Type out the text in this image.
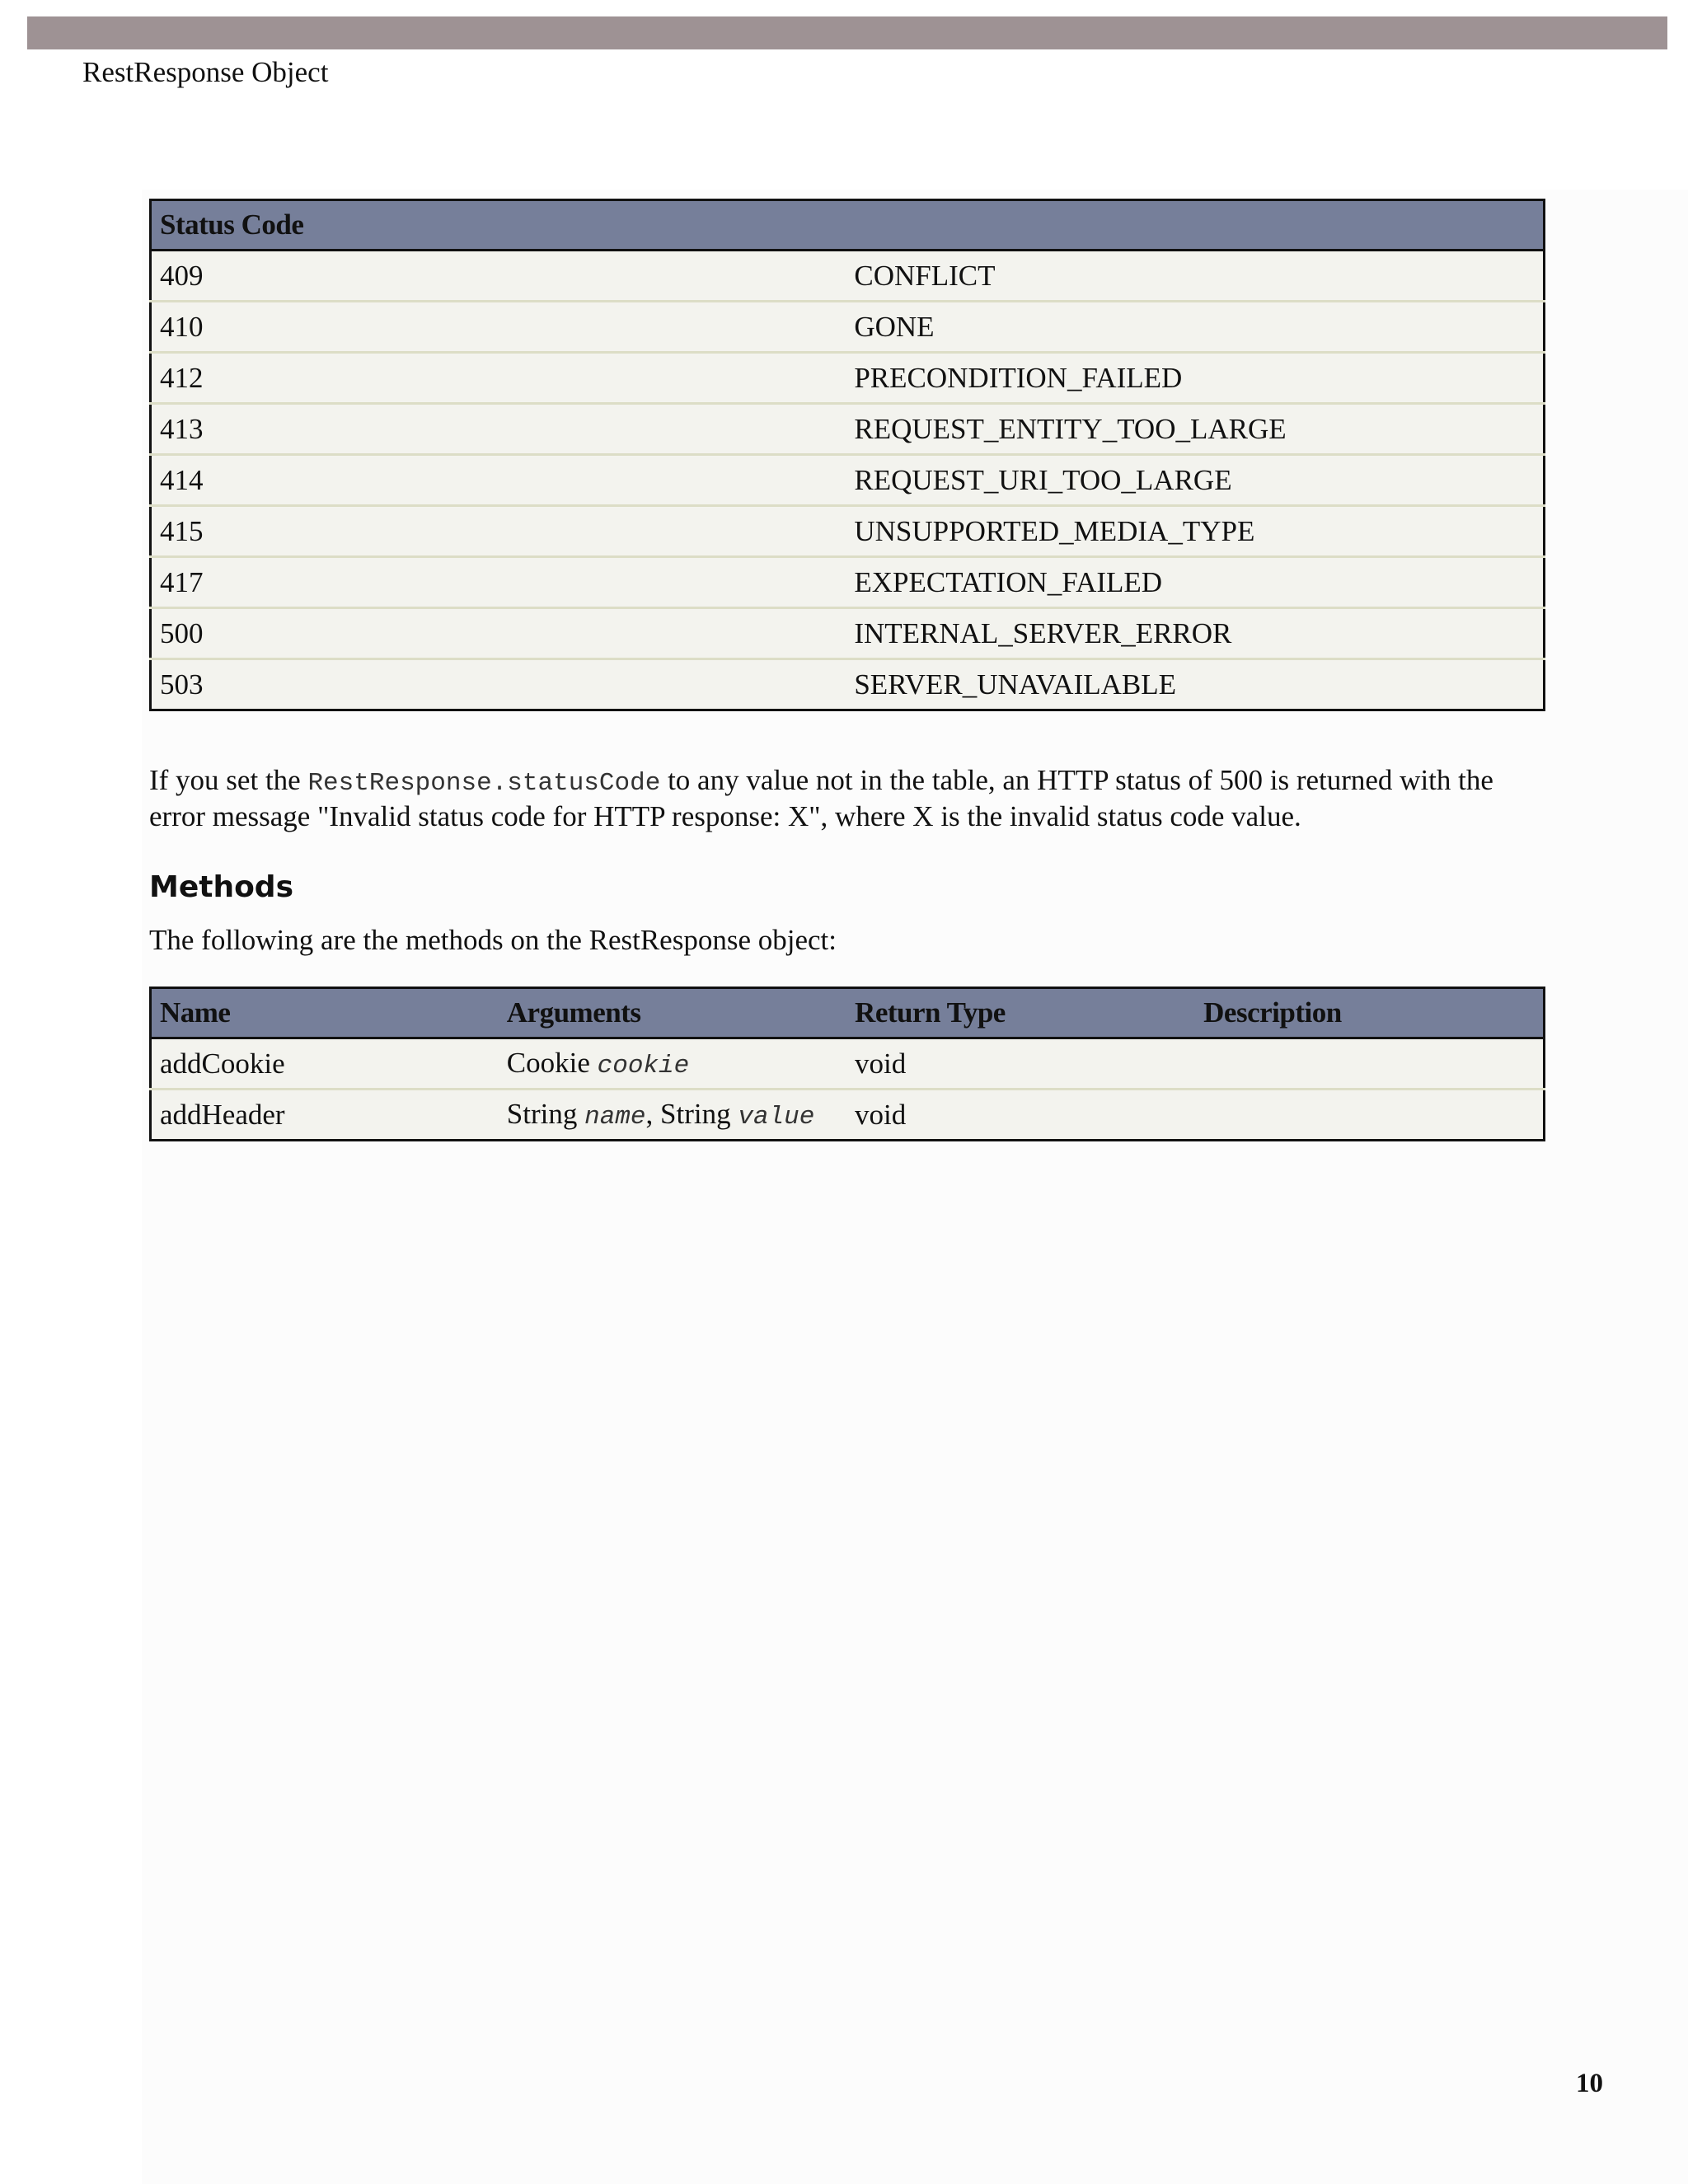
RestResponse Object
Status Code	
409	CONFLICT
410	GONE
412	PRECONDITION_FAILED
413	REQUEST_ENTITY_TOO_LARGE
414	REQUEST_URI_TOO_LARGE
415	UNSUPPORTED_MEDIA_TYPE
417	EXPECTATION_FAILED
500	INTERNAL_SERVER_ERROR
503	SERVER_UNAVAILABLE

If you set the RestResponse.statusCode to any value not in the table, an HTTP status of 500 is returned with the error message "Invalid status code for HTTP response: X", where X is the invalid status code value.

Methods

The following are the methods on the RestResponse object:

Name	Arguments	Return Type	Description
addCookie	Cookie cookie	void	
addHeader	String name, String value	void	
10
